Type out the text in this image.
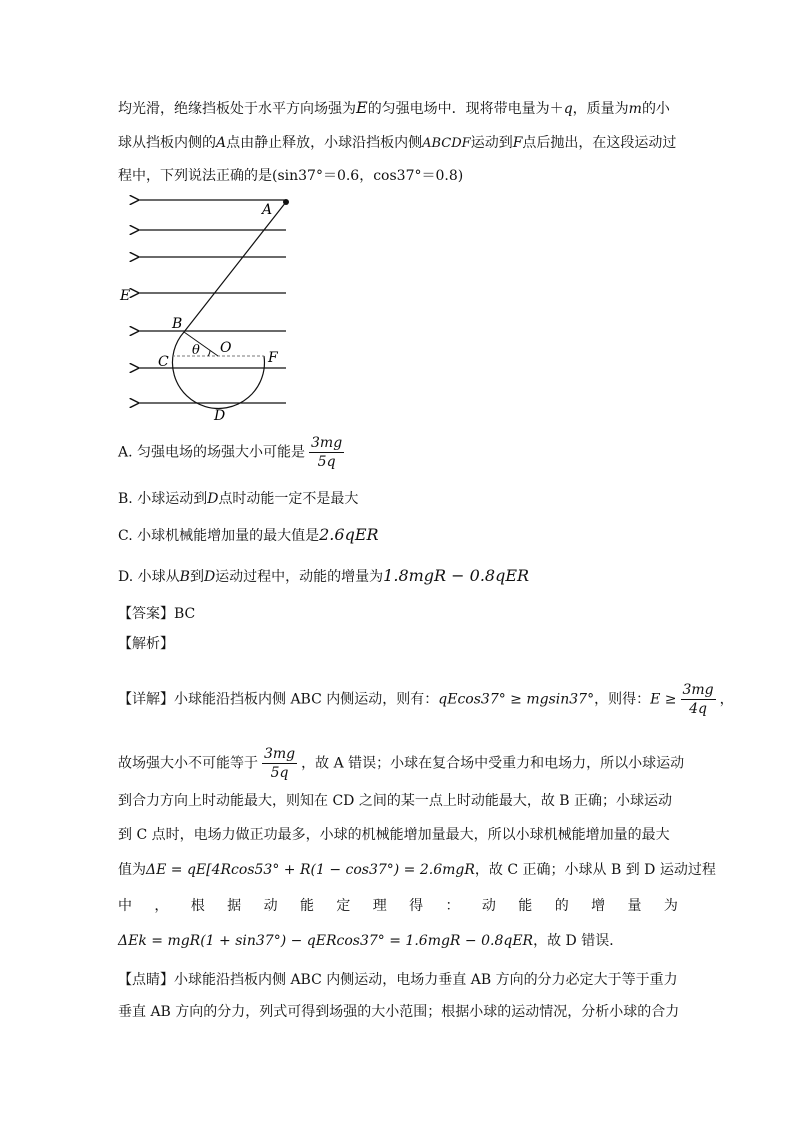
均光滑，绝缘挡板处于水平方向场强为E的匀强电场中．现将带电量为＋q，质量为m的小
球从挡板内侧的A点由静止释放，小球沿挡板内侧ABCDF运动到F点后抛出，在这段运动过
程中，下列说法正确的是(sin37°＝0.6，cos37°＝0.8)
A
E
B
θ O
C	F
D
A. 匀强电场的场强大小可能是 $\frac{3mg}{5q}$
B. 小球运动到D点时动能一定不是最大
C. 小球机械能增加量的最大值是2.6qER
D. 小球从B到D运动过程中，动能的增量为1.8mgR − 0.8qER
【答案】BC
【解析】
【详解】小球能沿挡板内侧 ABC 内侧运动，则有：qEcos37° ≥ mgsin37°，则得：$E \ge \frac{3mg}{4q}$ ，
故场强大小不可能等于 $\frac{3mg}{5q}$ ，故 A 错误；小球在复合场中受重力和电场力，所以小球运动
到合力方向上时动能最大，则知在 CD 之间的某一点上时动能最大，故 B 正确；小球运动
到 C 点时，电场力做正功最多，小球的机械能增加量最大，所以小球机械能增加量的最大
值为ΔE = qE[4Rcos53° + R(1 − cos37°) = 2.6mgR，故 C 正确；小球从 B 到 D 运动过程
中 ， 根 据 动 能 定 理 得 ： 动 能 的 增 量 为
ΔEk = mgR(1 + sin37°) − qERcos37° = 1.6mgR − 0.8qER，故 D 错误．
【点睛】小球能沿挡板内侧 ABC 内侧运动，电场力垂直 AB 方向的分力必定大于等于重力
垂直 AB 方向的分力，列式可得到场强的大小范围；根据小球的运动情况，分析小球的合力
